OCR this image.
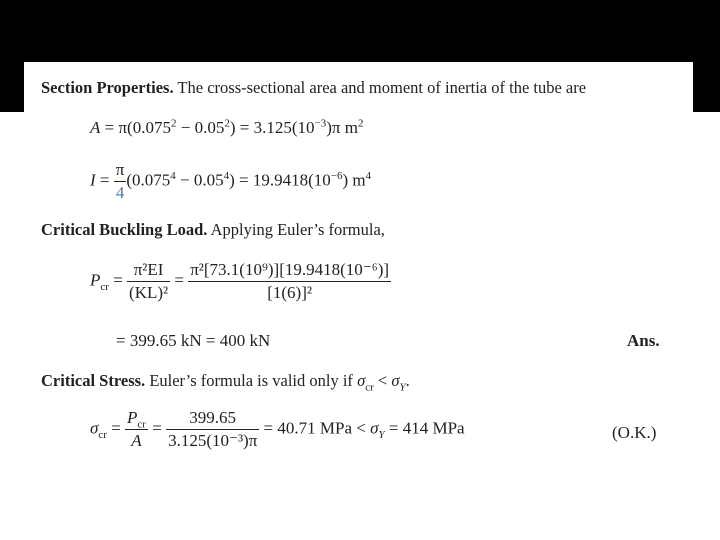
Section Properties. The cross-sectional area and moment of inertia of the tube are
$A = \pi(0.075^2 - 0.05^2) = 3.125(10^{-3})\pi$ $m^2$
$I = \frac{\pi}{4} (0.075^4 - 0.05^4) = 19.9418(10^{-6})$ $m^4$
Critical Buckling Load. Applying Euler’s formula,
$P_{cr} = \frac{\text{π²EI}}{\text{(KL)²}} = \frac{\text{π²[73.1(10⁹)][19.9418(10⁻⁶)]}}{\text{[1(6)]²}}$
= 399.65 kN = 400 kN	Ans.
Critical Stress. Euler’s formula is valid only if $\sigma_{cr} < \sigma_Y$.
$\sigma_{cr} = \frac{P_{cr}}{A} = \frac{399.65}{\text{3.125(10⁻³)π}} = 40.71$ MPa < $\sigma_Y = 414$ MPa	(O.K.)
